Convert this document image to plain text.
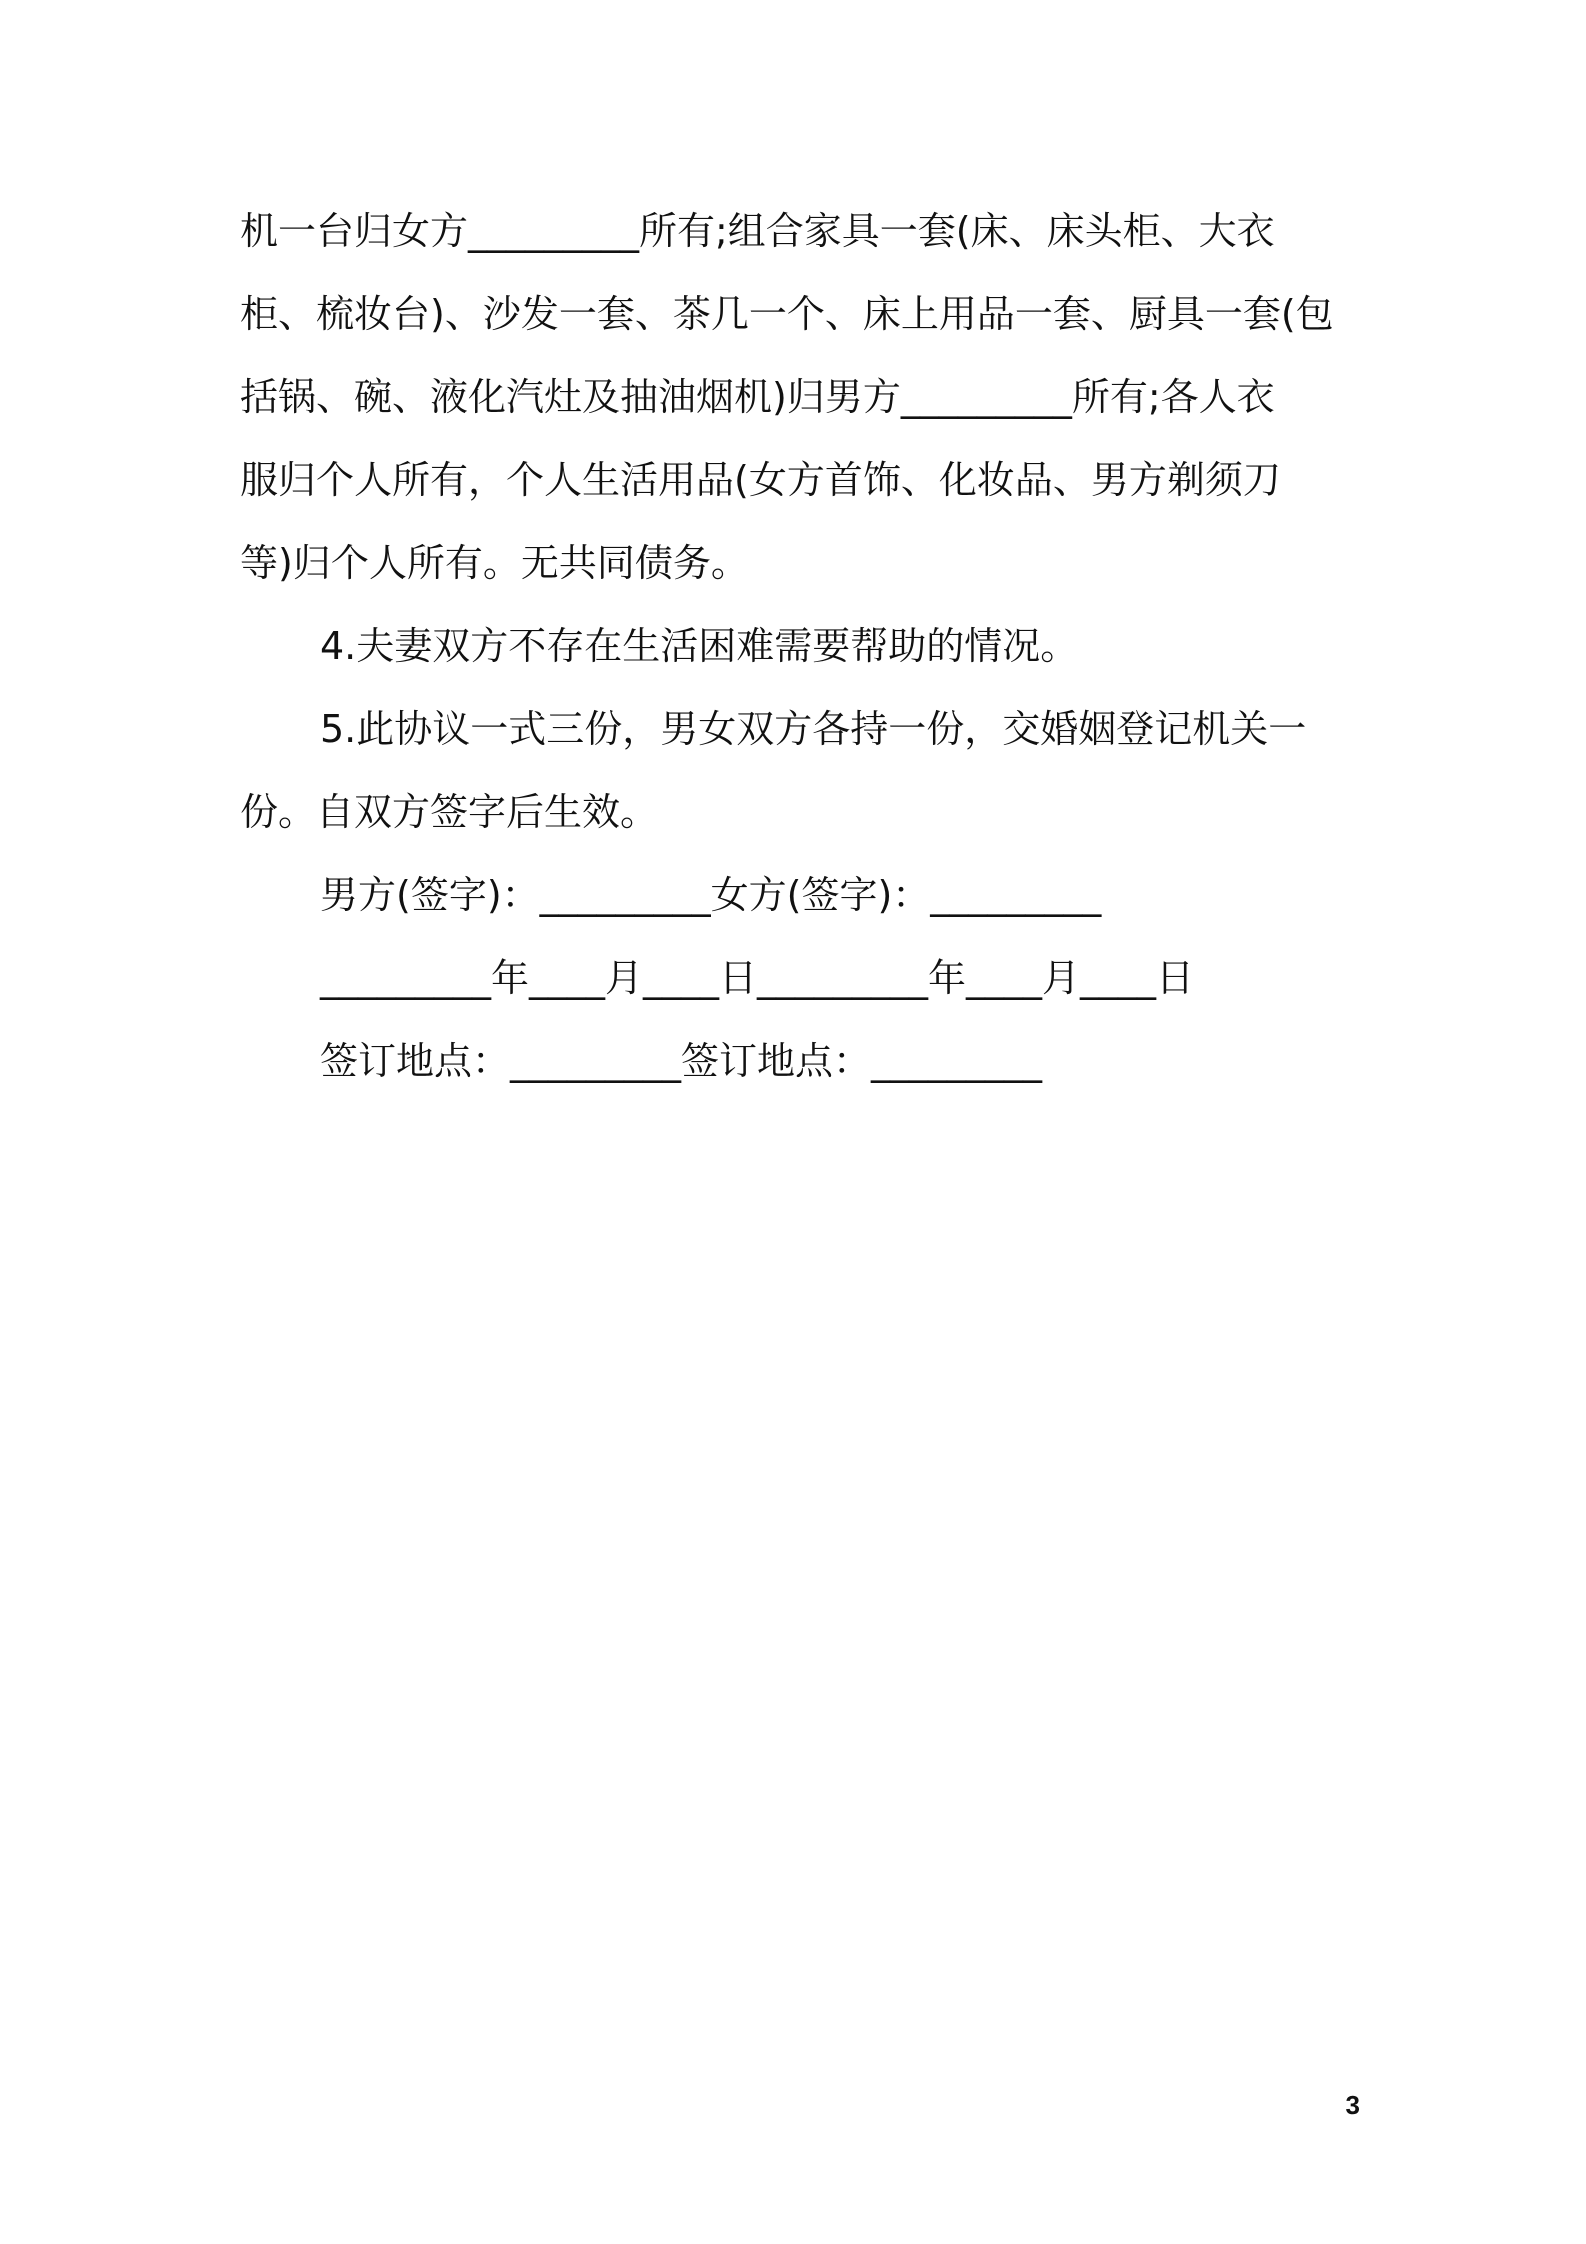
机一台归女方_________所有;组合家具一套(床、床头柜、大衣
柜、梳妆台)、沙发一套、茶几一个、床上用品一套、厨具一套(包
括锅、碗、液化汽灶及抽油烟机)归男方_________所有;各人衣
服归个人所有，个人生活用品(女方首饰、化妆品、男方剃须刀
等)归个人所有。无共同债务。
4.夫妻双方不存在生活困难需要帮助的情况。
5.此协议一式三份，男女双方各持一份，交婚姻登记机关一
份。自双方签字后生效。
男方(签字)：_________女方(签字)：_________
_________年____月____日_________年____月____日
签订地点：_________签订地点：_________
3
